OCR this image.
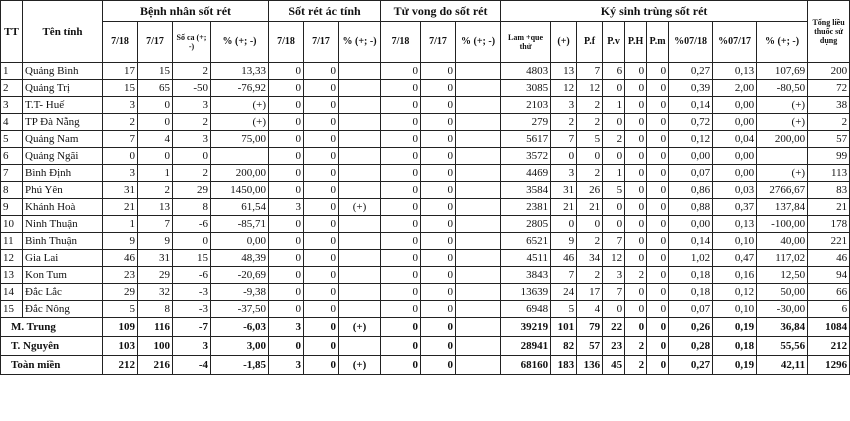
TT	Tên tỉnh	Bệnh nhân sốt rét				Sốt rét ác tính			Tử vong do sốt rét			Ký sinh trùng sốt rét									Tổng liều thuốc sử dụng
		7/18	7/17	Số ca (+; -)	% (+; -)	7/18	7/17	% (+; -)	7/18	7/17	% (+; -)	Lam +que thử	(+)	P.f	P.v	P.H	P.m	%07/18	%07/17	% (+; -)	
1	Quảng Bình	17	15	2	13,33	0	0		0	0		4803	13	7	6	0	0	0,27	0,13	107,69	200
2	Quảng Trị	15	65	-50	-76,92	0	0		0	0		3085	12	12	0	0	0	0,39	2,00	-80,50	72
3	T.T- Huế	3	0	3	(+)	0	0		0	0		2103	3	2	1	0	0	0,14	0,00	(+)	38
4	TP Đà Nẵng	2	0	2	(+)	0	0		0	0		279	2	2	0	0	0	0,72	0,00	(+)	2
5	Quảng Nam	7	4	3	75,00	0	0		0	0		5617	7	5	2	0	0	0,12	0,04	200,00	57
6	Quảng Ngãi	0	0	0		0	0		0	0		3572	0	0	0	0	0	0,00	0,00		99
7	Bình Định	3	1	2	200,00	0	0		0	0		4469	3	2	1	0	0	0,07	0,00	(+)	113
8	Phú Yên	31	2	29	1450,00	0	0		0	0		3584	31	26	5	0	0	0,86	0,03	2766,67	83
9	Khánh Hoà	21	13	8	61,54	3	0	(+)	0	0		2381	21	21	0	0	0	0,88	0,37	137,84	21
10	Ninh Thuận	1	7	-6	-85,71	0	0		0	0		2805	0	0	0	0	0	0,00	0,13	-100,00	178
11	Bình Thuận	9	9	0	0,00	0	0		0	0		6521	9	2	7	0	0	0,14	0,10	40,00	221
12	Gia Lai	46	31	15	48,39	0	0		0	0		4511	46	34	12	0	0	1,02	0,47	117,02	46
13	Kon Tum	23	29	-6	-20,69	0	0		0	0		3843	7	2	3	2	0	0,18	0,16	12,50	94
14	Đắc Lắc	29	32	-3	-9,38	0	0		0	0		13639	24	17	7	0	0	0,18	0,12	50,00	66
15	Đắc Nông	5	8	-3	-37,50	0	0		0	0		6948	5	4	0	0	0	0,07	0,10	-30,00	6
M. Trung		109	116	-7	-6,03	3	0	(+)	0	0		39219	101	79	22	0	0	0,26	0,19	36,84	1084
T. Nguyên		103	100	3	3,00	0	0		0	0		28941	82	57	23	2	0	0,28	0,18	55,56	212
Toàn miền		212	216	-4	-1,85	3	0	(+)	0	0		68160	183	136	45	2	0	0,27	0,19	42,11	1296
